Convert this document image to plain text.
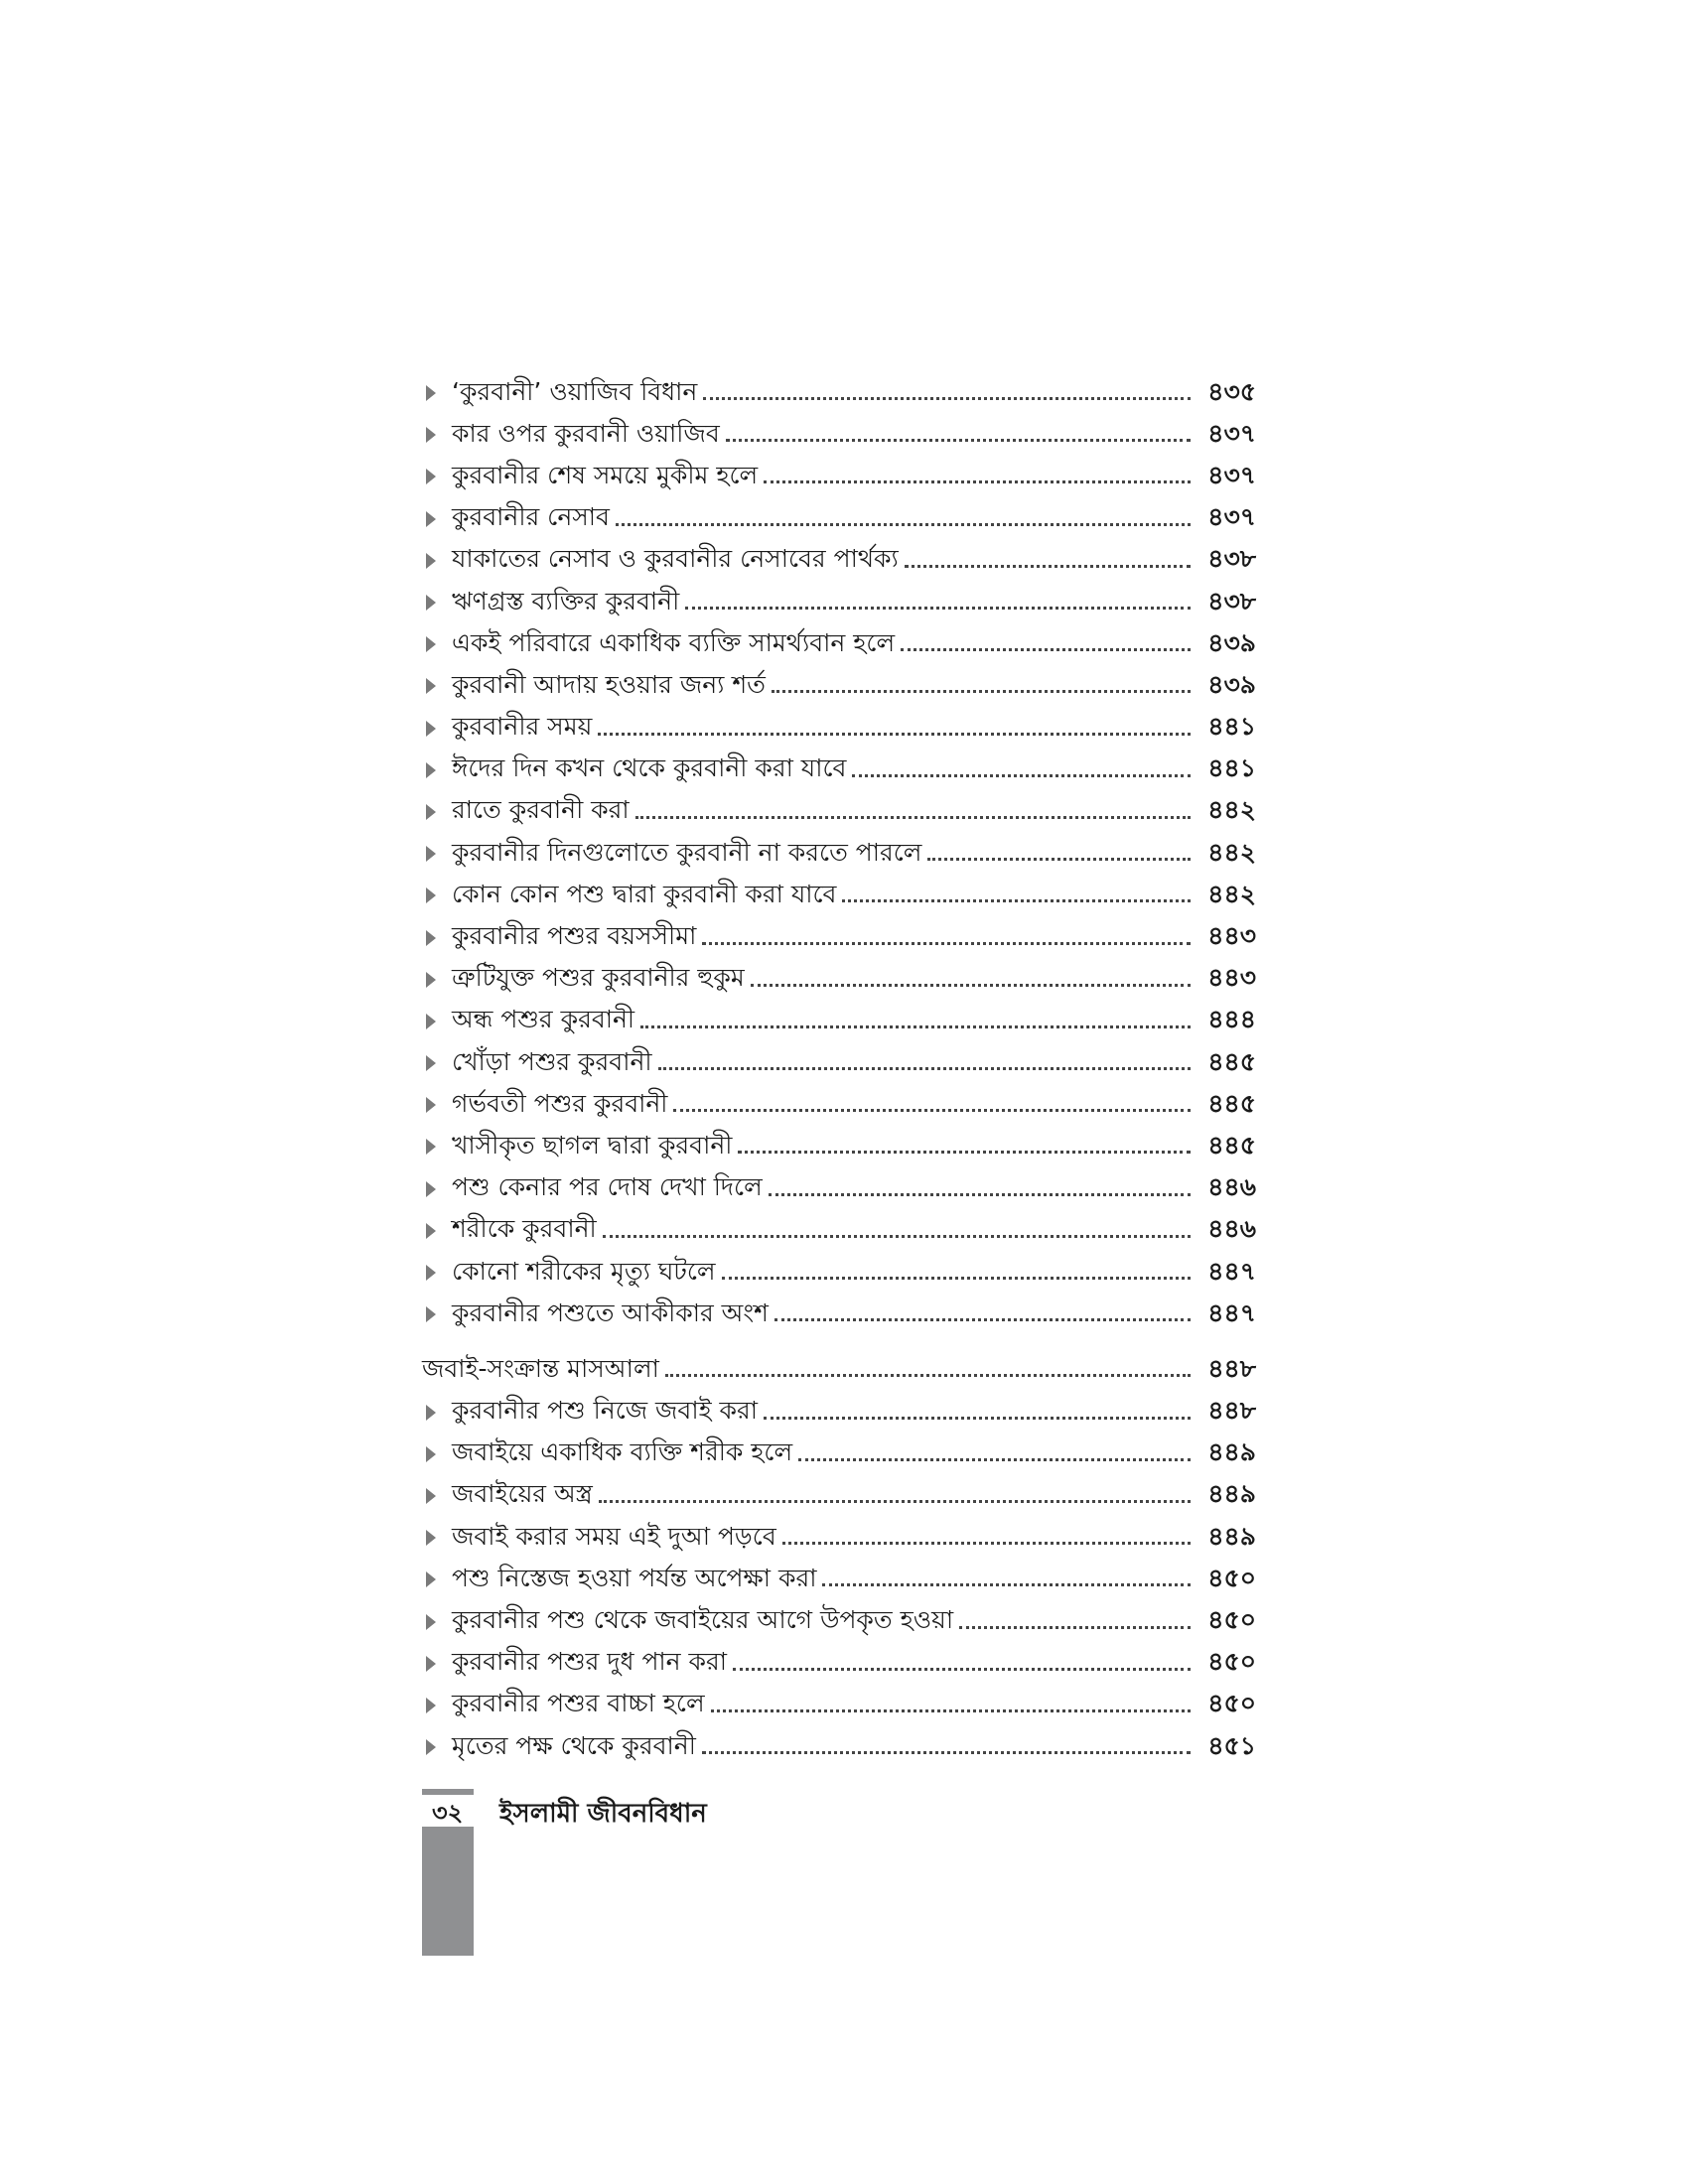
‘কুরবানী’ ওয়াজিব বিধান	৪৩৫
কার ওপর কুরবানী ওয়াজিব	৪৩৭
কুরবানীর শেষ সময়ে মুকীম হলে	৪৩৭
কুরবানীর নেসাব	৪৩৭
যাকাতের নেসাব ও কুরবানীর নেসাবের পার্থক্য	৪৩৮
ঋণগ্রস্ত ব্যক্তির কুরবানী	৪৩৮
একই পরিবারে একাধিক ব্যক্তি সামর্থ্যবান হলে	৪৩৯
কুরবানী আদায় হওয়ার জন্য শর্ত	৪৩৯
কুরবানীর সময়	৪৪১
ঈদের দিন কখন থেকে কুরবানী করা যাবে	৪৪১
রাতে কুরবানী করা	৪৪২
কুরবানীর দিনগুলোতে কুরবানী না করতে পারলে	৪৪২
কোন কোন পশু দ্বারা কুরবানী করা যাবে	৪৪২
কুরবানীর পশুর বয়সসীমা	৪৪৩
ত্রুটিযুক্ত পশুর কুরবানীর হুকুম	৪৪৩
অন্ধ পশুর কুরবানী	৪৪৪
খোঁড়া পশুর কুরবানী	৪৪৫
গর্ভবতী পশুর কুরবানী	৪৪৫
খাসীকৃত ছাগল দ্বারা কুরবানী	৪৪৫
পশু কেনার পর দোষ দেখা দিলে	৪৪৬
শরীকে কুরবানী	৪৪৬
কোনো শরীকের মৃত্যু ঘটলে	৪৪৭
কুরবানীর পশুতে আকীকার অংশ	৪৪৭
জবাই-সংক্রান্ত মাসআলা	৪৪৮
কুরবানীর পশু নিজে জবাই করা	৪৪৮
জবাইয়ে একাধিক ব্যক্তি শরীক হলে	৪৪৯
জবাইয়ের অস্ত্র	৪৪৯
জবাই করার সময় এই দুআ পড়বে	৪৪৯
পশু নিস্তেজ হওয়া পর্যন্ত অপেক্ষা করা	৪৫০
কুরবানীর পশু থেকে জবাইয়ের আগে উপকৃত হওয়া	৪৫০
কুরবানীর পশুর দুধ পান করা	৪৫০
কুরবানীর পশুর বাচ্চা হলে	৪৫০
মৃতের পক্ষ থেকে কুরবানী	৪৫১
৩২ ইসলামী জীবনবিধান
